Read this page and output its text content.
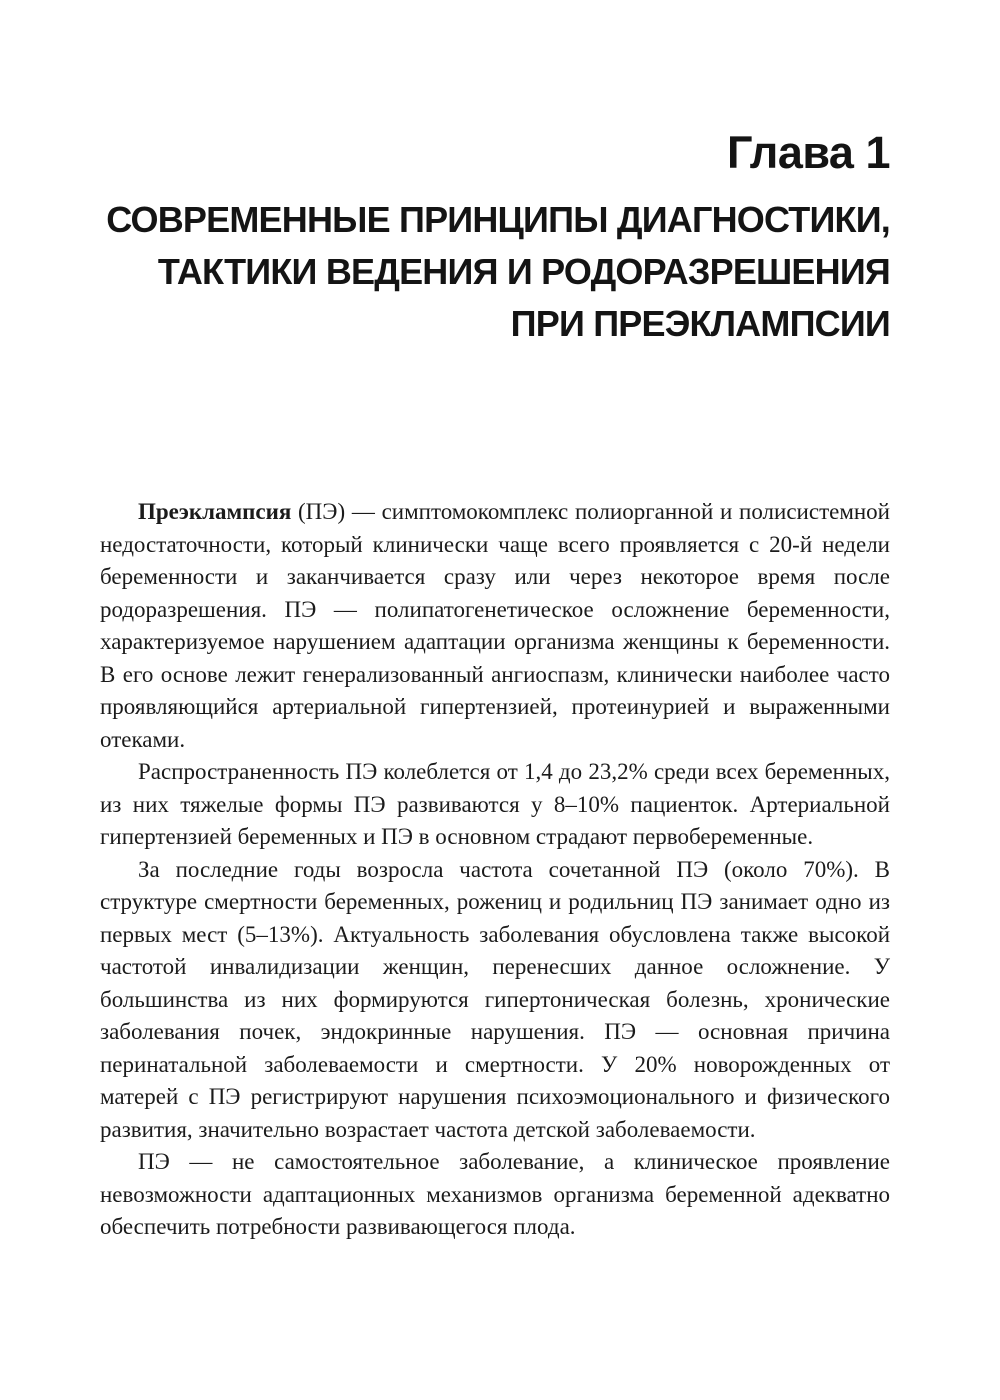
Глава 1
СОВРЕМЕННЫЕ ПРИНЦИПЫ ДИАГНОСТИКИ,
ТАКТИКИ ВЕДЕНИЯ И РОДОРАЗРЕШЕНИЯ
ПРИ ПРЕЭКЛАМПСИИ

Преэклампсия (ПЭ) — симптомокомплекс полиорганной и полисистемной недостаточности, который клинически чаще всего проявляется с 20-й недели беременности и заканчивается сразу или через некоторое время после родоразрешения. ПЭ — полипатогенетическое осложнение беременности, характеризуемое нарушением адаптации организма женщины к беременности. В его основе лежит генерализованный ангиоспазм, клинически наиболее часто проявляющийся артериальной гипертензией, протеинурией и выраженными отеками.

Распространенность ПЭ колеблется от 1,4 до 23,2% среди всех беременных, из них тяжелые формы ПЭ развиваются у 8–10% пациенток. Артериальной гипертензией беременных и ПЭ в основном страдают первобеременные.

За последние годы возросла частота сочетанной ПЭ (около 70%). В структуре смертности беременных, рожениц и родильниц ПЭ занимает одно из первых мест (5–13%). Актуальность заболевания обусловлена также высокой частотой инвалидизации женщин, перенесших данное осложнение. У большинства из них формируются гипертоническая болезнь, хронические заболевания почек, эндокринные нарушения. ПЭ — основная причина перинатальной заболеваемости и смертности. У 20% новорожденных от матерей с ПЭ регистрируют нарушения психоэмоционального и физического развития, значительно возрастает частота детской заболеваемости.

ПЭ — не самостоятельное заболевание, а клиническое проявление невозможности адаптационных механизмов организма беременной адекватно обеспечить потребности развивающегося плода.
